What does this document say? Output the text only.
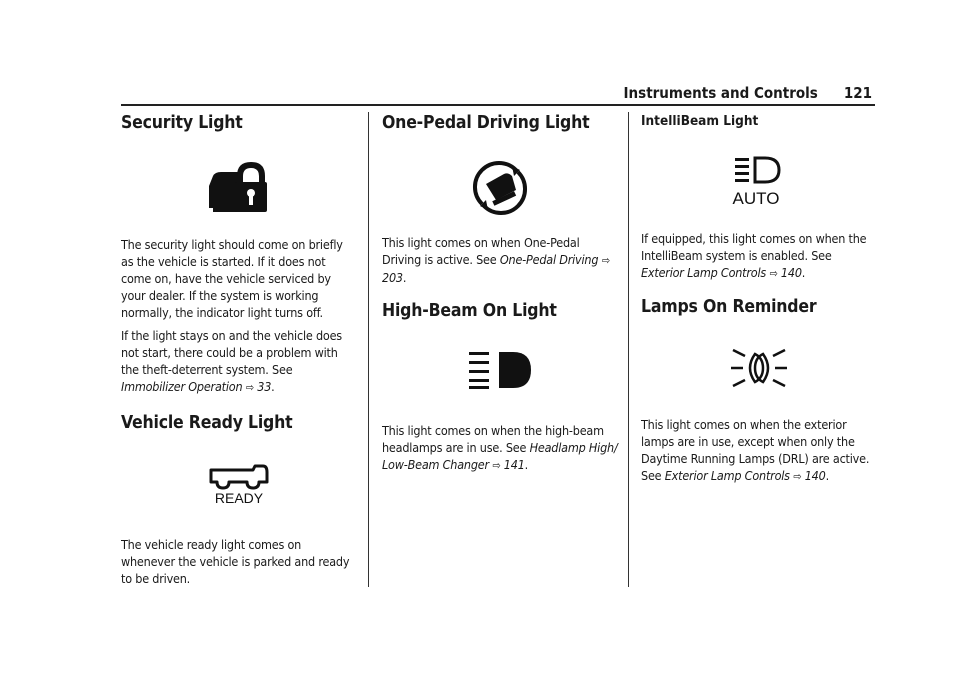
Instruments and Controls 121
Security Light

The security light should come on briefly as the vehicle is started. If it does not come on, have the vehicle serviced by your dealer. If the system is working normally, the indicator light turns off.

If the light stays on and the vehicle does not start, there could be a problem with the theft-deterrent system. See Immobilizer Operation ⇨ 33.

Vehicle Ready Light
READY

The vehicle ready light comes on whenever the vehicle is parked and ready to be driven.

One-Pedal Driving Light

This light comes on when One-Pedal Driving is active. See One-Pedal Driving ⇨ 203.

High-Beam On Light

This light comes on when the high-beam headlamps are in use. See Headlamp High/ Low-Beam Changer ⇨ 141.

IntelliBeam Light
AUTO

If equipped, this light comes on when the IntelliBeam system is enabled. See Exterior Lamp Controls ⇨ 140.

Lamps On Reminder

This light comes on when the exterior lamps are in use, except when only the Daytime Running Lamps (DRL) are active. See Exterior Lamp Controls ⇨ 140.
